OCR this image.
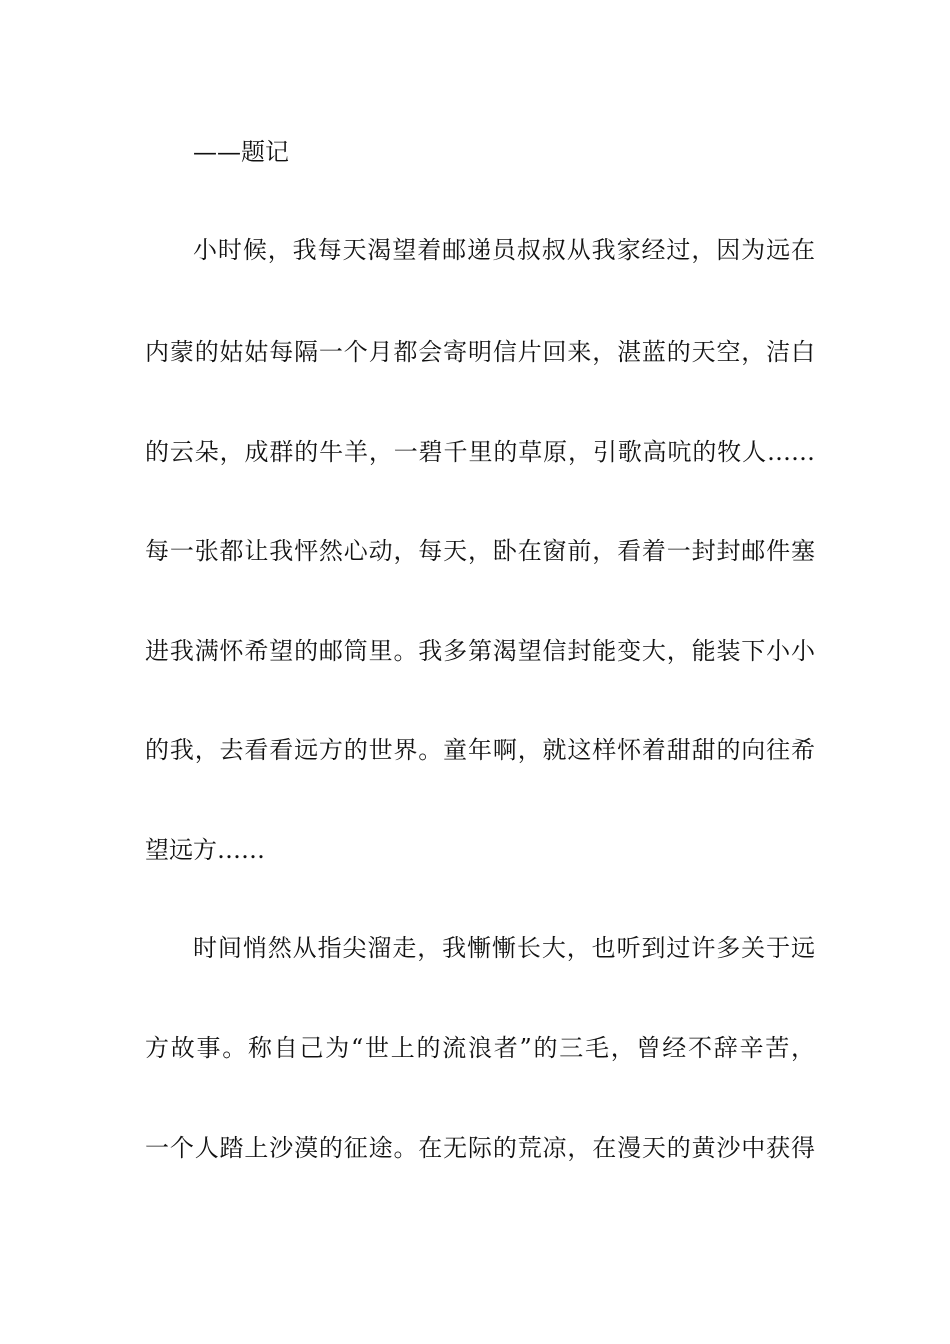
——题记
小时候，我每天渴望着邮递员叔叔从我家经过，因为远在
内蒙的姑姑每隔一个月都会寄明信片回来，湛蓝的天空，洁白
的云朵，成群的牛羊，一碧千里的草原，引歌高吭的牧人……
每一张都让我怦然心动，每天，卧在窗前，看着一封封邮件塞
进我满怀希望的邮筒里。我多第渴望信封能变大，能装下小小
的我，去看看远方的世界。童年啊，就这样怀着甜甜的向往希
望远方……
时间悄然从指尖溜走，我慚慚长大，也听到过许多关于远
方故事。称自己为“世上的流浪者”的三毛，曾经不辞辛苦，
一个人踏上沙漠的征途。在无际的荒凉，在漫天的黄沙中获得
